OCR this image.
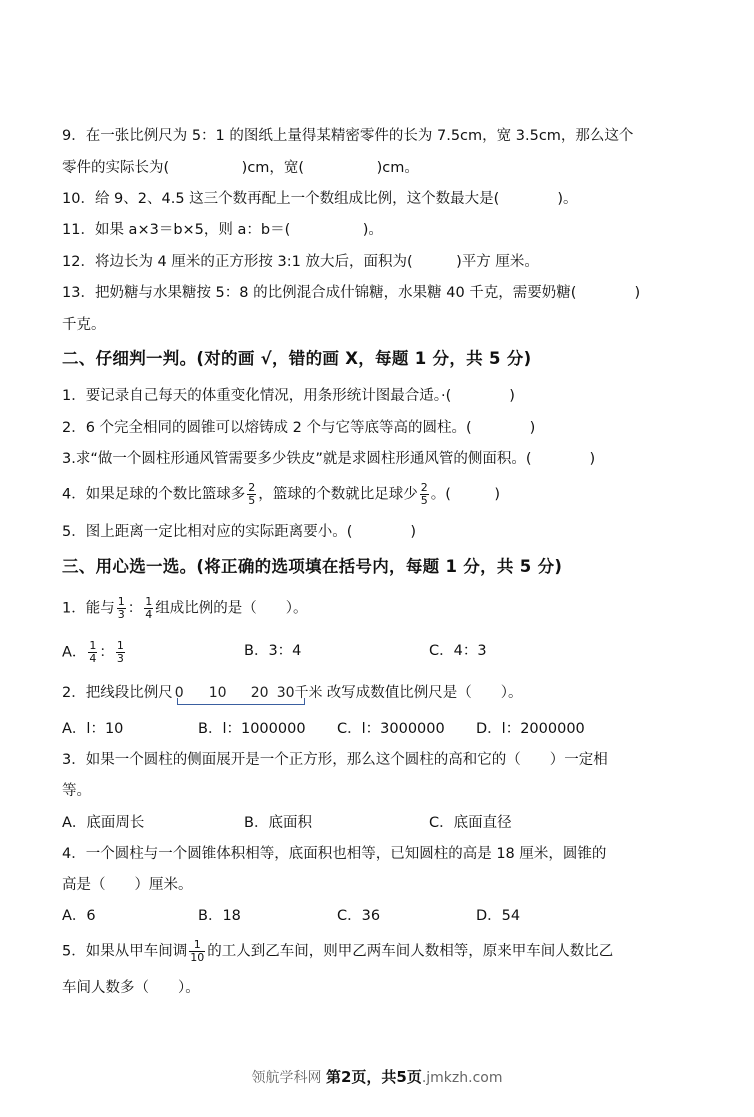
9．在一张比例尺为 5：1 的图纸上量得某精密零件的长为 7.5cm，宽 3.5cm，那么这个
零件的实际长为(　　　　　)cm，宽(　　　　　)cm。
10．给 9、2、4.5 这三个数再配上一个数组成比例，这个数最大是(　　　　)。
11．如果 a×3＝b×5，则 a：b＝(　　　　　)。
12．将边长为 4 厘米的正方形按 3:1 放大后，面积为(　　　)平方 厘米。
13．把奶糖与水果糖按 5：8 的比例混合成什锦糖，水果糖 40 千克，需要奶糖(　　　　)
千克。
二、仔细判一判。(对的画 √，错的画 X，每题 1 分，共 5 分)
1．要记录自己每天的体重变化情况，用条形统计图最合适。·(　　　　)
2．6 个完全相同的圆锥可以熔铸成 2 个与它等底等高的圆柱。(　　　　)
3.求“做一个圆柱形通风管需要多少铁皮”就是求圆柱形通风管的侧面积。(　　　　)
4．如果足球的个数比篮球多 $\frac{2}{5}$ ，篮球的个数就比足球少 $\frac{2}{5}$ 。(　　　)
5．图上距离一定比相对应的实际距离要小。(　　　　)
三、用心选一选。(将正确的选项填在括号内，每题 1 分，共 5 分)
1．能与 $\frac{1}{3}$ ： $\frac{1}{4}$ 组成比例的是（　　）。
A． $\frac{1}{4}$ ： $\frac{1}{3}$	B．3：4	C．4：3
2．把线段比例尺 0 10 20 30千米 改写成数值比例尺是（　　）。
A．l：10	B．l：1000000 C．l：3000000 D．l：2000000
3．如果一个圆柱的侧面展开是一个正方形，那么这个圆柱的高和它的（　　）一定相
等。
A．底面周长	B．底面积	C．底面直径
4．一个圆柱与一个圆锥体积相等，底面积也相等，已知圆柱的高是 18 厘米，圆锥的
高是（　　）厘米。
A．6	B．18	C．36	D．54
5．如果从甲车间调 $\frac{1}{10}$ 的工人到乙车间，则甲乙两车间人数相等，原来甲车间人数比乙
车间人数多（　　）。
领航学科网 第2页，共5页.jmkzh.com
